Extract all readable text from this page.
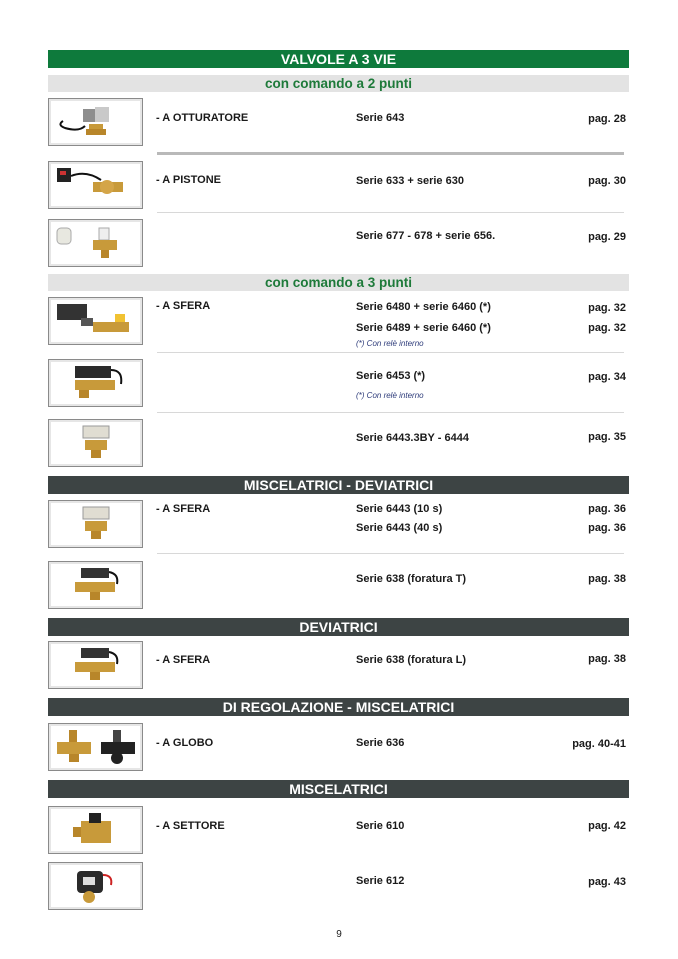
VALVOLE A 3 VIE
con comando a 2 punti
- A OTTURATORE	Serie 643	pag. 28
- A PISTONE	Serie 633 + serie 630	pag. 30
Serie 677 - 678 + serie 656.	pag. 29
con comando a 3 punti
- A SFERA	Serie 6480 + serie 6460 (*)	pag. 32
Serie 6489 + serie 6460 (*)	pag. 32
(*) Con relè interno
Serie 6453 (*)	pag. 34
(*) Con relè interno
Serie 6443.3BY - 6444	pag. 35
MISCELATRICI - DEVIATRICI
- A SFERA	Serie 6443 (10 s)	pag. 36
Serie 6443 (40 s)	pag. 36
Serie 638 (foratura T)	pag. 38
DEVIATRICI
- A SFERA	Serie 638 (foratura L)	pag. 38
DI REGOLAZIONE - MISCELATRICI
- A GLOBO	Serie 636	pag. 40-41
MISCELATRICI
- A SETTORE	Serie 610	pag. 42
Serie 612	pag. 43
9
